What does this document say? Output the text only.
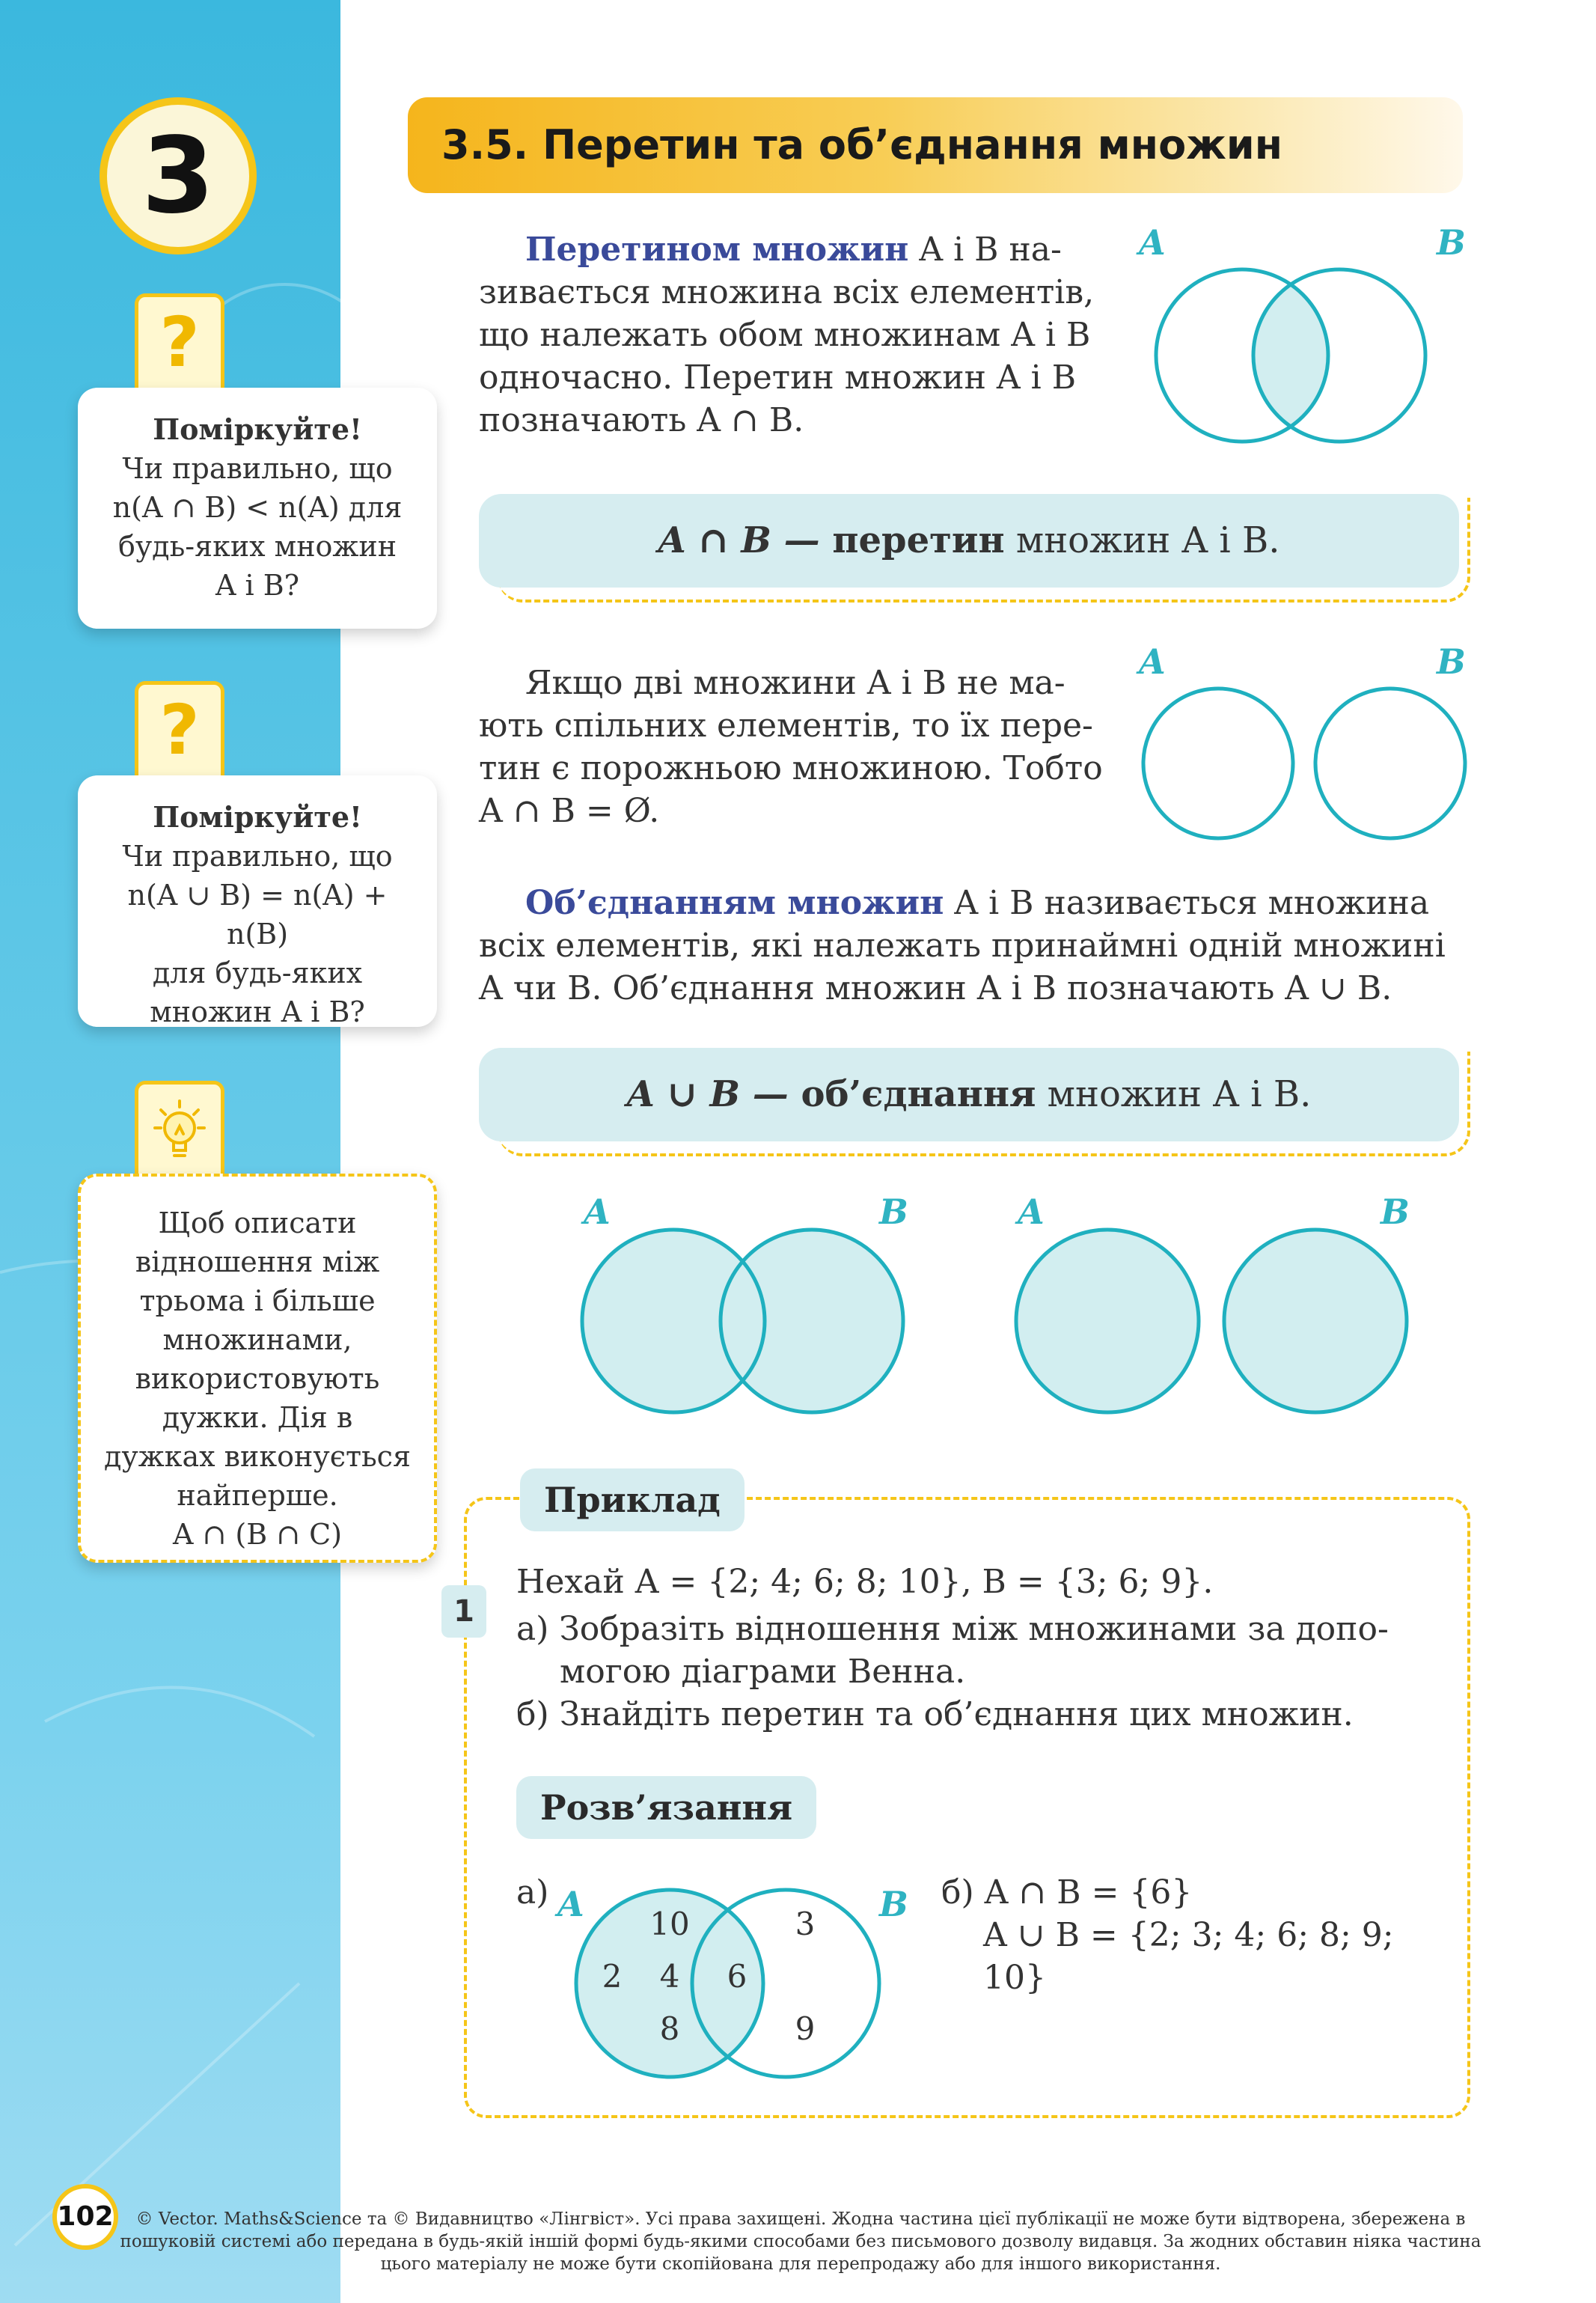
3
?
Поміркуйте!
Чи правильно, що
n(A ∩ B) < n(A) для
будь-яких множин
A і B?
?
Поміркуйте!
Чи правильно, що
n(A ∪ B) = n(A) + n(B)
для будь-яких
множин A і B?
Щоб описати
відношення між
трьома і більше
множинами,
використовують
дужки. Дія в
дужках виконується
найперше.
A ∩ (B ∩ C)
3.5. Перетин та об’єднання множин
Перетином множин A і B на-
зивається множина всіх елементів,
що належать обом множинам A і B
одночасно. Перетин множин A і B
позначають A ∩ B.
A	B
A ∩ B — перетин множин A і B.
Якщо дві множини A і B не ма-
ють спільних елементів, то їх пере-
тин є порожньою множиною. Тобто
A ∩ B = Ø.
A	B
Об’єднанням множин A і B називається множина
всіх елементів, які належать принаймні одній множині
A чи B. Об’єднання множин A і B позначають A ∪ B.
A ∪ B — об’єднання множин A і B.
A	B	A	B
Приклад
1
Нехай A = {2; 4; 6; 8; 10}, B = {3; 6; 9}.
а) Зобразіть відношення між множинами за допо-
могою діаграми Венна.
б) Знайдіть перетин та об’єднання цих множин.
Розв’язання
а) A	B
10
2 4
8
6
3
9
б) A ∩ B = {6}
A ∪ B = {2; 3; 4; 6; 8; 9; 10}
102	© Vector. Maths&Science та © Видавництво «Лінгвіст». Усі права захищені. Жодна частина цієї публікації не може бути відтворена, збережена в пошуковій системі або передана в будь-якій іншій формі будь-якими способами без письмового дозволу видавця. За жодних обставин ніяка частина цього матеріалу не може бути скопійована для перепродажу або для іншого використання.
